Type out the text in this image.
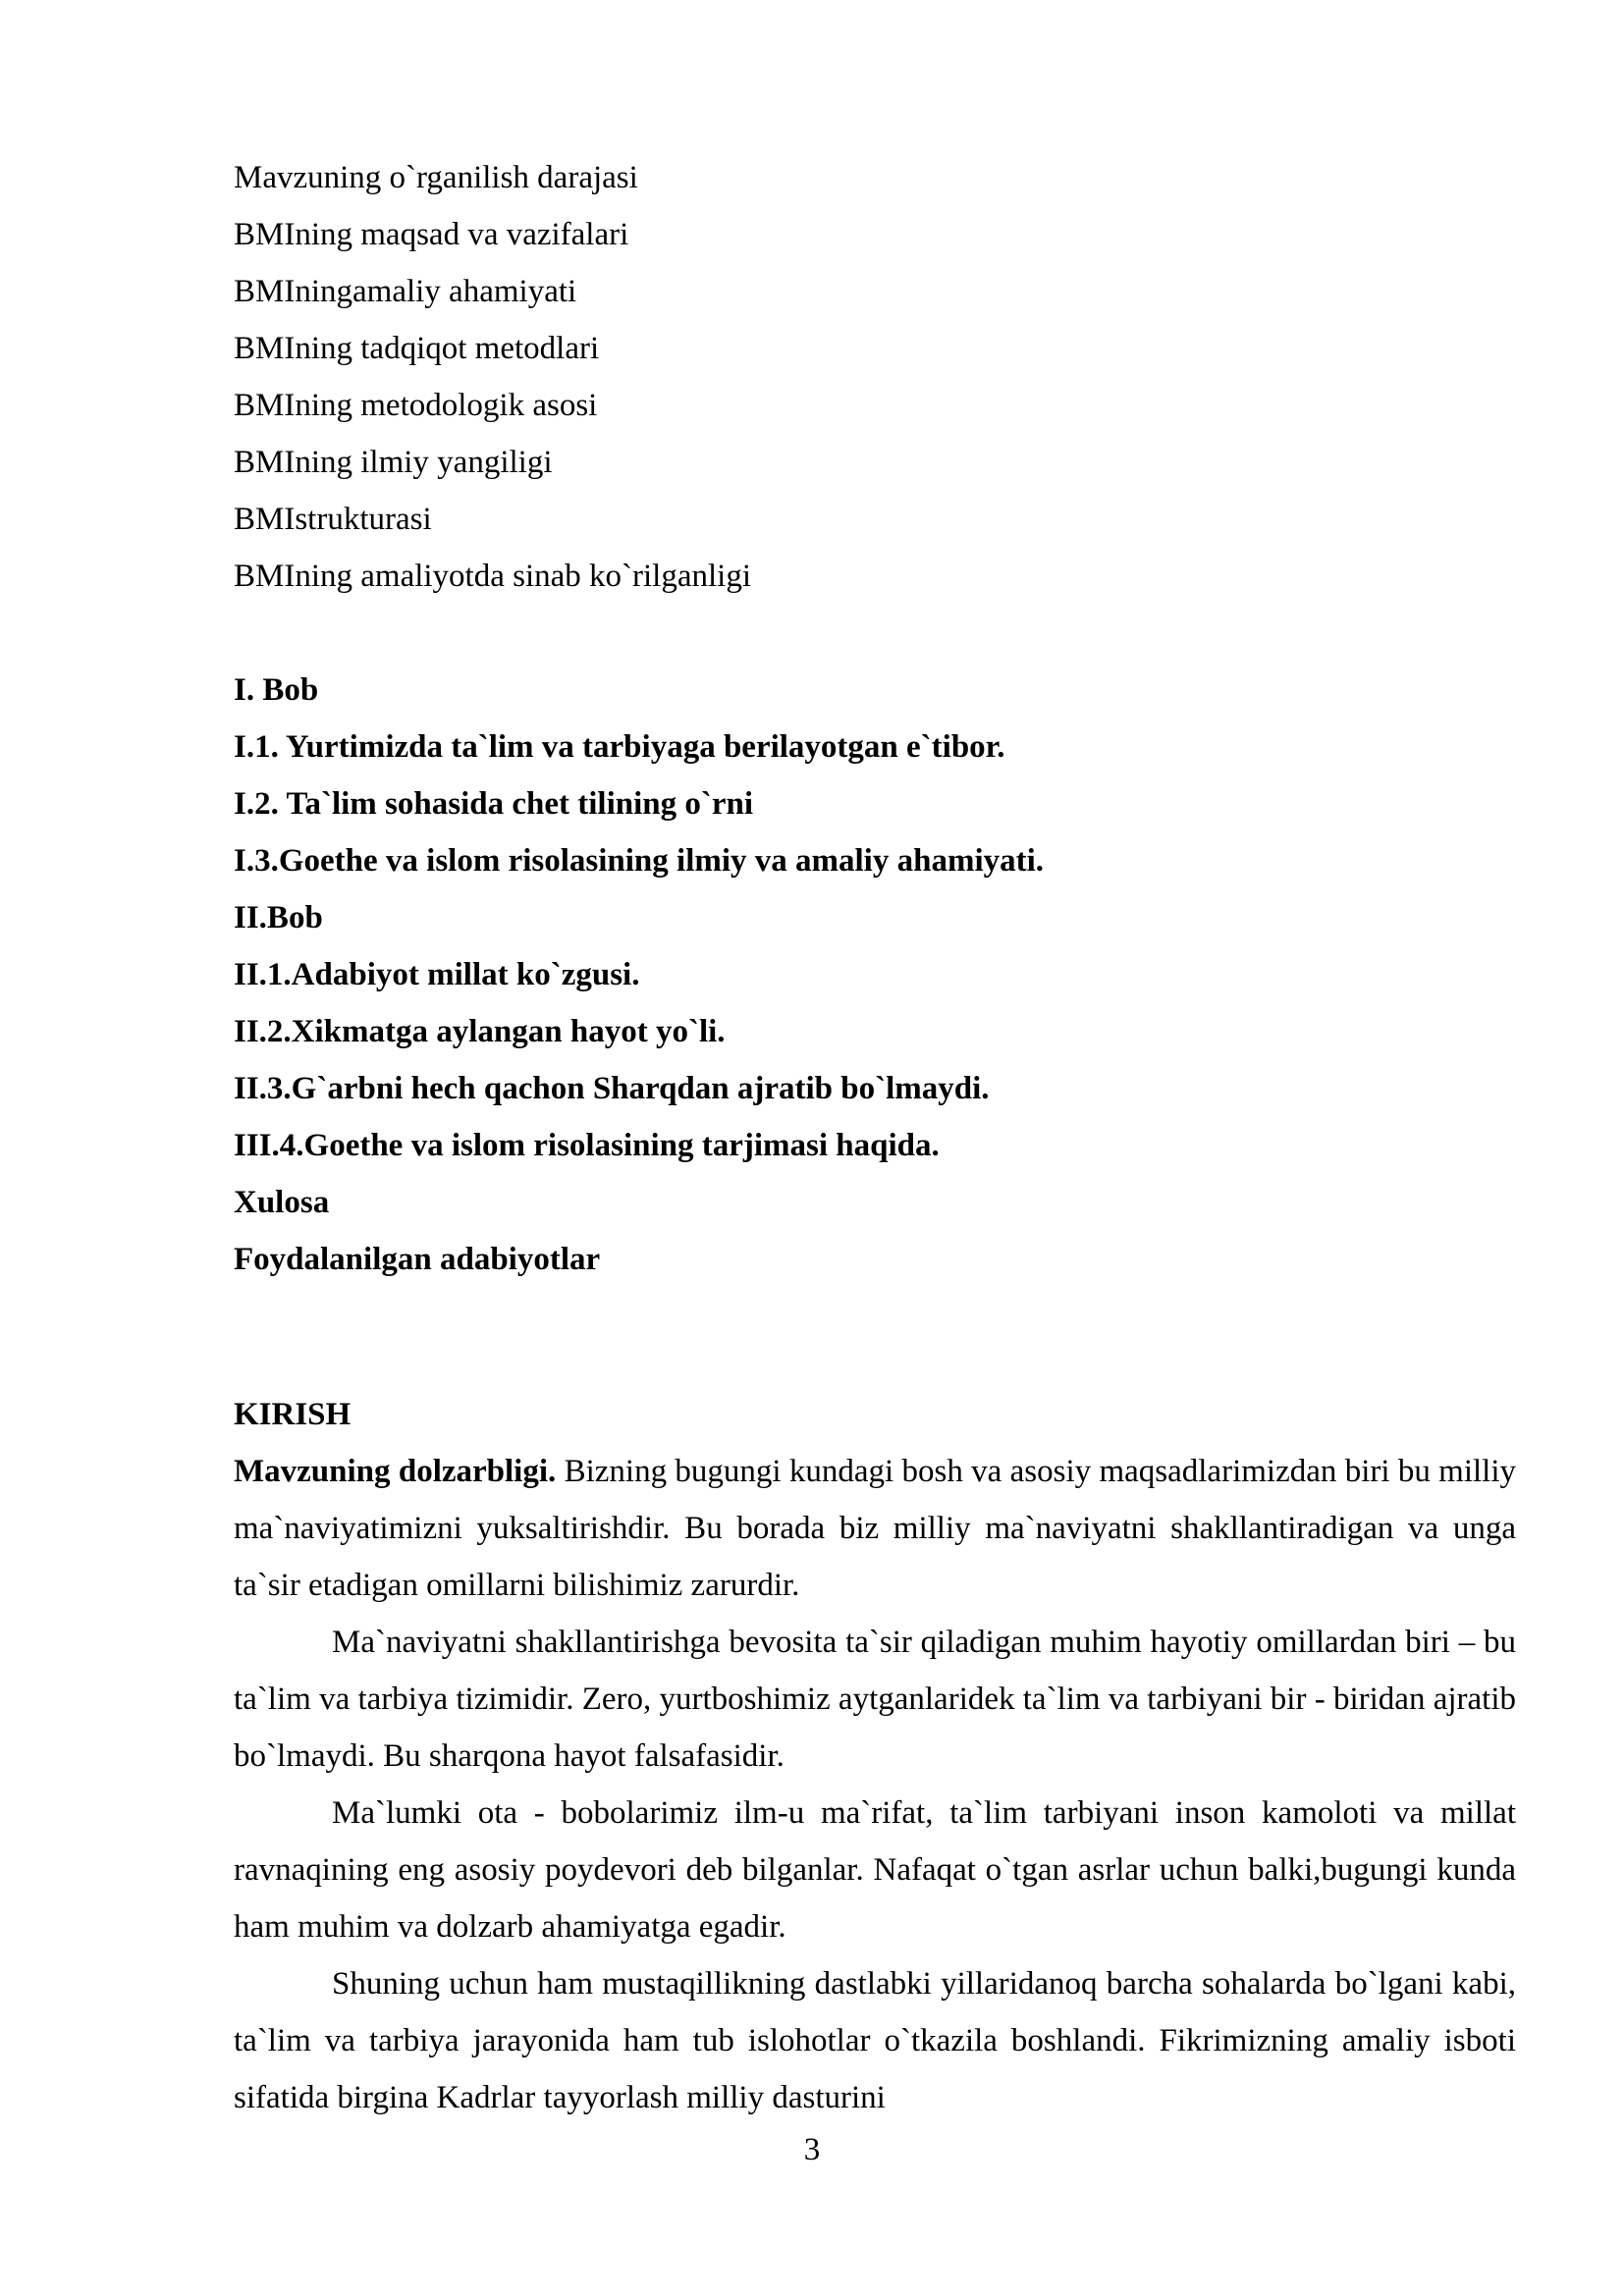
Mavzuning o`rganilish darajasi
BMIning maqsad va vazifalari
BMIningamaliy ahamiyati
BMIning tadqiqot metodlari
BMIning metodologik asosi
BMIning ilmiy yangiligi
BMIstrukturasi
BMIning amaliyotda sinab ko`rilganligi
I. Bob
I.1. Yurtimizda ta`lim va tarbiyaga berilayotgan e`tibor.
I.2. Ta`lim sohasida chet tilining o`rni
I.3.Goethe va islom risolasining ilmiy va amaliy ahamiyati.
II.Bob
II.1.Adabiyot millat ko`zgusi.
II.2.Xikmatga aylangan hayot yo`li.
II.3.G`arbni hech qachon Sharqdan ajratib bo`lmaydi.
III.4.Goethe va islom risolasining tarjimasi haqida.
Xulosa
Foydalanilgan adabiyotlar
KIRISH

Mavzuning dolzarbligi. Bizning bugungi kundagi bosh va asosiy maqsadlarimizdan biri bu milliy ma`naviyatimizni yuksaltirishdir. Bu borada biz milliy ma`naviyatni shakllantiradigan va unga ta`sir etadigan omillarni bilishimiz zarurdir.

Ma`naviyatni shakllantirishga bevosita ta`sir qiladigan muhim hayotiy omillardan biri – bu ta`lim va tarbiya tizimidir. Zero, yurtboshimiz aytganlaridek ta`lim va tarbiyani bir - biridan ajratib bo`lmaydi. Bu sharqona hayot falsafasidir.

Ma`lumki ota - bobolarimiz ilm-u ma`rifat, ta`lim tarbiyani inson kamoloti va millat ravnaqining eng asosiy poydevori deb bilganlar. Nafaqat o`tgan asrlar uchun balki,bugungi kunda ham muhim va dolzarb ahamiyatga egadir.

Shuning uchun ham mustaqillikning dastlabki yillaridanoq barcha sohalarda bo`lgani kabi, ta`lim va tarbiya jarayonida ham tub islohotlar o`tkazila boshlandi. Fikrimizning amaliy isboti sifatida birgina Kadrlar tayyorlash milliy dasturini

3
